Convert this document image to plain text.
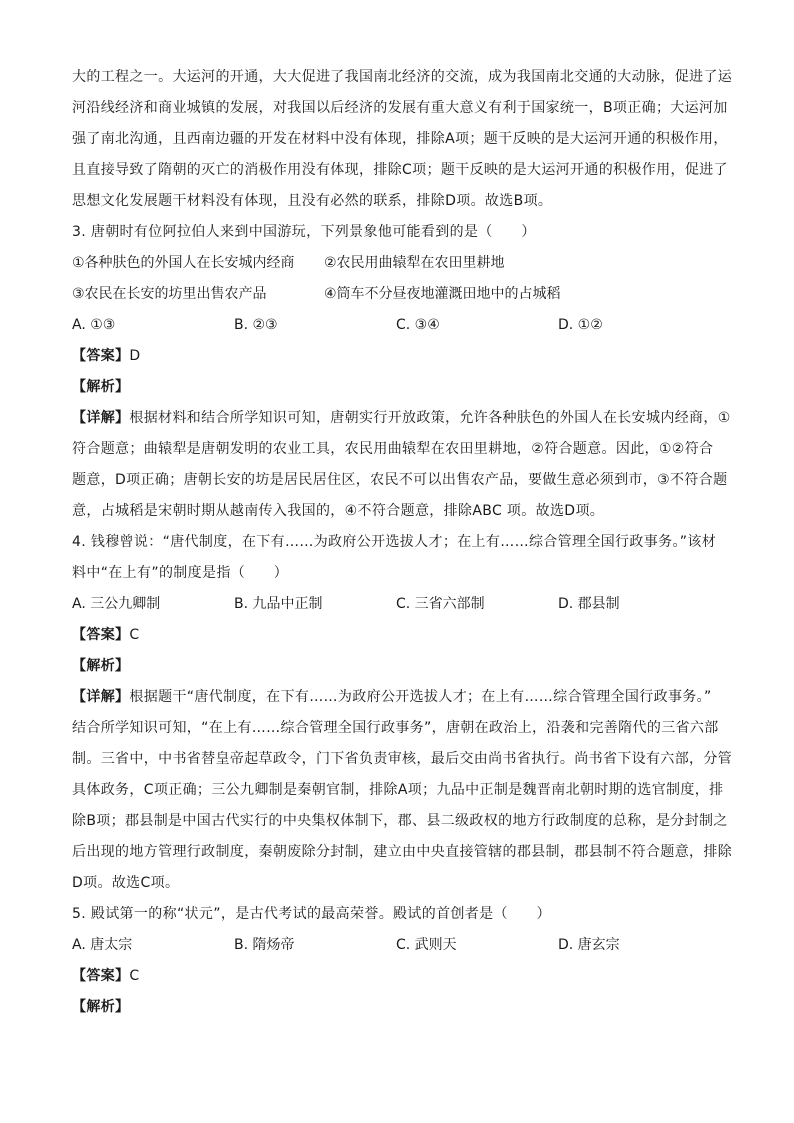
大的工程之一。大运河的开通，大大促进了我国南北经济的交流，成为我国南北交通的大动脉，促进了运
河沿线经济和商业城镇的发展，对我国以后经济的发展有重大意义有利于国家统一，B项正确；大运河加
强了南北沟通，且西南边疆的开发在材料中没有体现，排除A项；题干反映的是大运河开通的积极作用，
且直接导致了隋朝的灭亡的消极作用没有体现，排除C项；题干反映的是大运河开通的积极作用，促进了
思想文化发展题干材料没有体现，且没有必然的联系，排除D项。故选B项。
3. 唐朝时有位阿拉伯人来到中国游玩，下列景象他可能看到的是（　　）
①各种肤色的外国人在长安城内经商	②农民用曲辕犁在农田里耕地
③农民在长安的坊里出售农产品	④筒车不分昼夜地灌溉田地中的占城稻
A. ①③	B. ②③	C. ③④	D. ①②
【答案】D
【解析】
【详解】根据材料和结合所学知识可知，唐朝实行开放政策，允许各种肤色的外国人在长安城内经商，①
符合题意；曲辕犁是唐朝发明的农业工具，农民用曲辕犁在农田里耕地，②符合题意。因此，①②符合
题意，D项正确；唐朝长安的坊是居民居住区，农民不可以出售农产品，要做生意必须到市，③不符合题
意，占城稻是宋朝时期从越南传入我国的，④不符合题意，排除ABC 项。故选D项。
4. 钱穆曾说：“唐代制度，在下有……为政府公开选拔人才；在上有……综合管理全国行政事务。”该材
料中“在上有”的制度是指（　　）
A. 三公九卿制	B. 九品中正制	C. 三省六部制	D. 郡县制
【答案】C
【解析】
【详解】根据题干“唐代制度，在下有……为政府公开选拔人才；在上有……综合管理全国行政事务。”
结合所学知识可知，“在上有……综合管理全国行政事务”，唐朝在政治上，沿袭和完善隋代的三省六部
制。三省中，中书省替皇帝起草政令，门下省负责审核，最后交由尚书省执行。尚书省下设有六部，分管
具体政务，C项正确；三公九卿制是秦朝官制，排除A项；九品中正制是魏晋南北朝时期的选官制度，排
除B项；郡县制是中国古代实行的中央集权体制下，郡、县二级政权的地方行政制度的总称，是分封制之
后出现的地方管理行政制度，秦朝废除分封制，建立由中央直接管辖的郡县制，郡县制不符合题意，排除
D项。故选C项。
5. 殿试第一的称“状元”，是古代考试的最高荣誉。殿试的首创者是（　　）
A. 唐太宗	B. 隋炀帝	C. 武则天	D. 唐玄宗
【答案】C
【解析】
